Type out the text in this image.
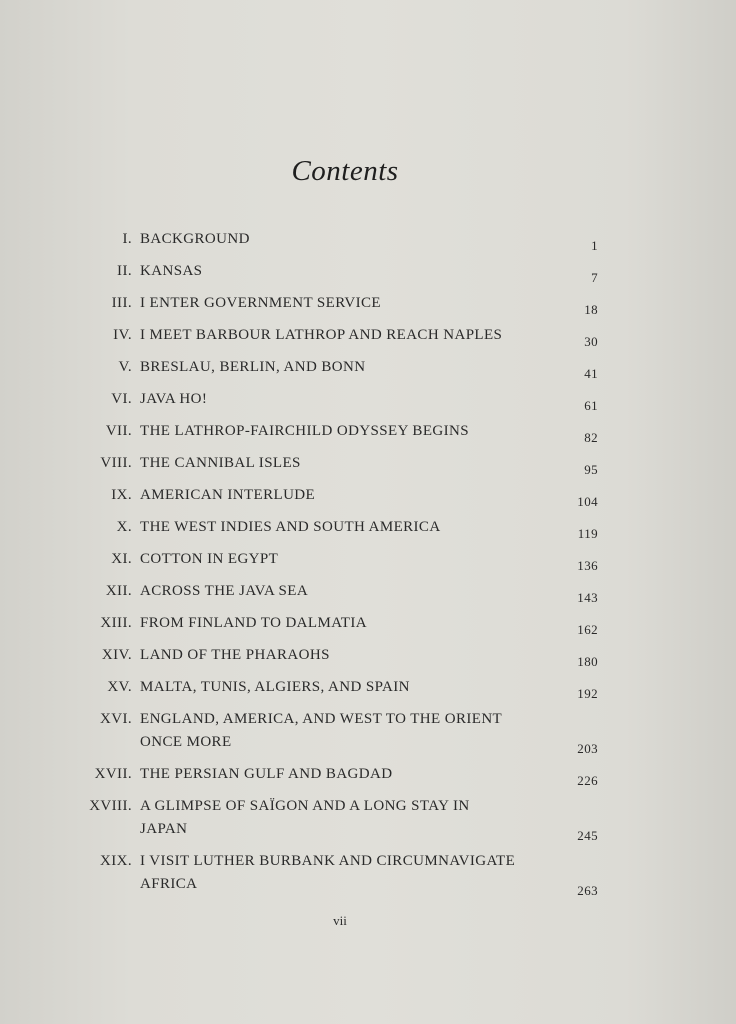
Contents
I. BACKGROUND	1
II. KANSAS	7
III. I ENTER GOVERNMENT SERVICE	18
IV. I MEET BARBOUR LATHROP AND REACH NAPLES	30
V. BRESLAU, BERLIN, AND BONN	41
VI. JAVA HO!	61
VII. THE LATHROP-FAIRCHILD ODYSSEY BEGINS	82
VIII. THE CANNIBAL ISLES	95
IX. AMERICAN INTERLUDE	104
X. THE WEST INDIES AND SOUTH AMERICA	119
XI. COTTON IN EGYPT	136
XII. ACROSS THE JAVA SEA	143
XIII. FROM FINLAND TO DALMATIA	162
XIV. LAND OF THE PHARAOHS	180
XV. MALTA, TUNIS, ALGIERS, AND SPAIN	192
XVI. ENGLAND, AMERICA, AND WEST TO THE ORIENT
ONCE MORE	203
XVII. THE PERSIAN GULF AND BAGDAD	226
XVIII. A GLIMPSE OF SAÏGON AND A LONG STAY IN
JAPAN	245
XIX. I VISIT LUTHER BURBANK AND CIRCUMNAVIGATE
AFRICA	263
vii
